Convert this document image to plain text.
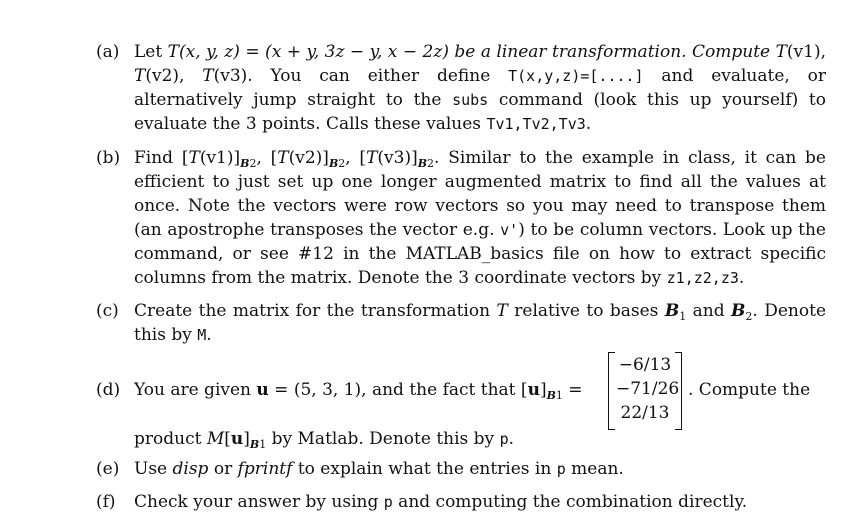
(a) Let T(x, y, z) = (x + y, 3z − y, x − 2z) be a linear transformation. Compute T(v1), T(v2), T(v3). You can either define T(x,y,z)=[....] and evaluate, or alternatively jump straight to the subs command (look this up yourself) to evaluate the 3 points. Calls these values Tv1,Tv2,Tv3.
(b) Find $[T(v1)]_{B2}$, $[T(v2)]_{B2}$, $[T(v3)]_{B2}$. Similar to the example in class, it can be efficient to just set up one longer augmented matrix to find all the values at once. Note the vectors were row vectors so you may need to transpose them (an apostrophe transposes the vector e.g. v') to be column vectors. Look up the command, or see #12 in the MATLAB_basics file on how to extract specific columns from the matrix. Denote the 3 coordinate vectors by z1,z2,z3.
(c) Create the matrix for the transformation T relative to bases $B_1$ and $B_2$. Denote this by M.
(d) You are given u = (5, 3, 1), and the fact that $[u]_{B1}$ =
−6/13
−71/26
22/13
. Compute the
product $M[u]_{B1}$ by Matlab. Denote this by p.
(e) Use disp or fprintf to explain what the entries in p mean.
(f)	Check your answer by using p and computing the combination directly.
